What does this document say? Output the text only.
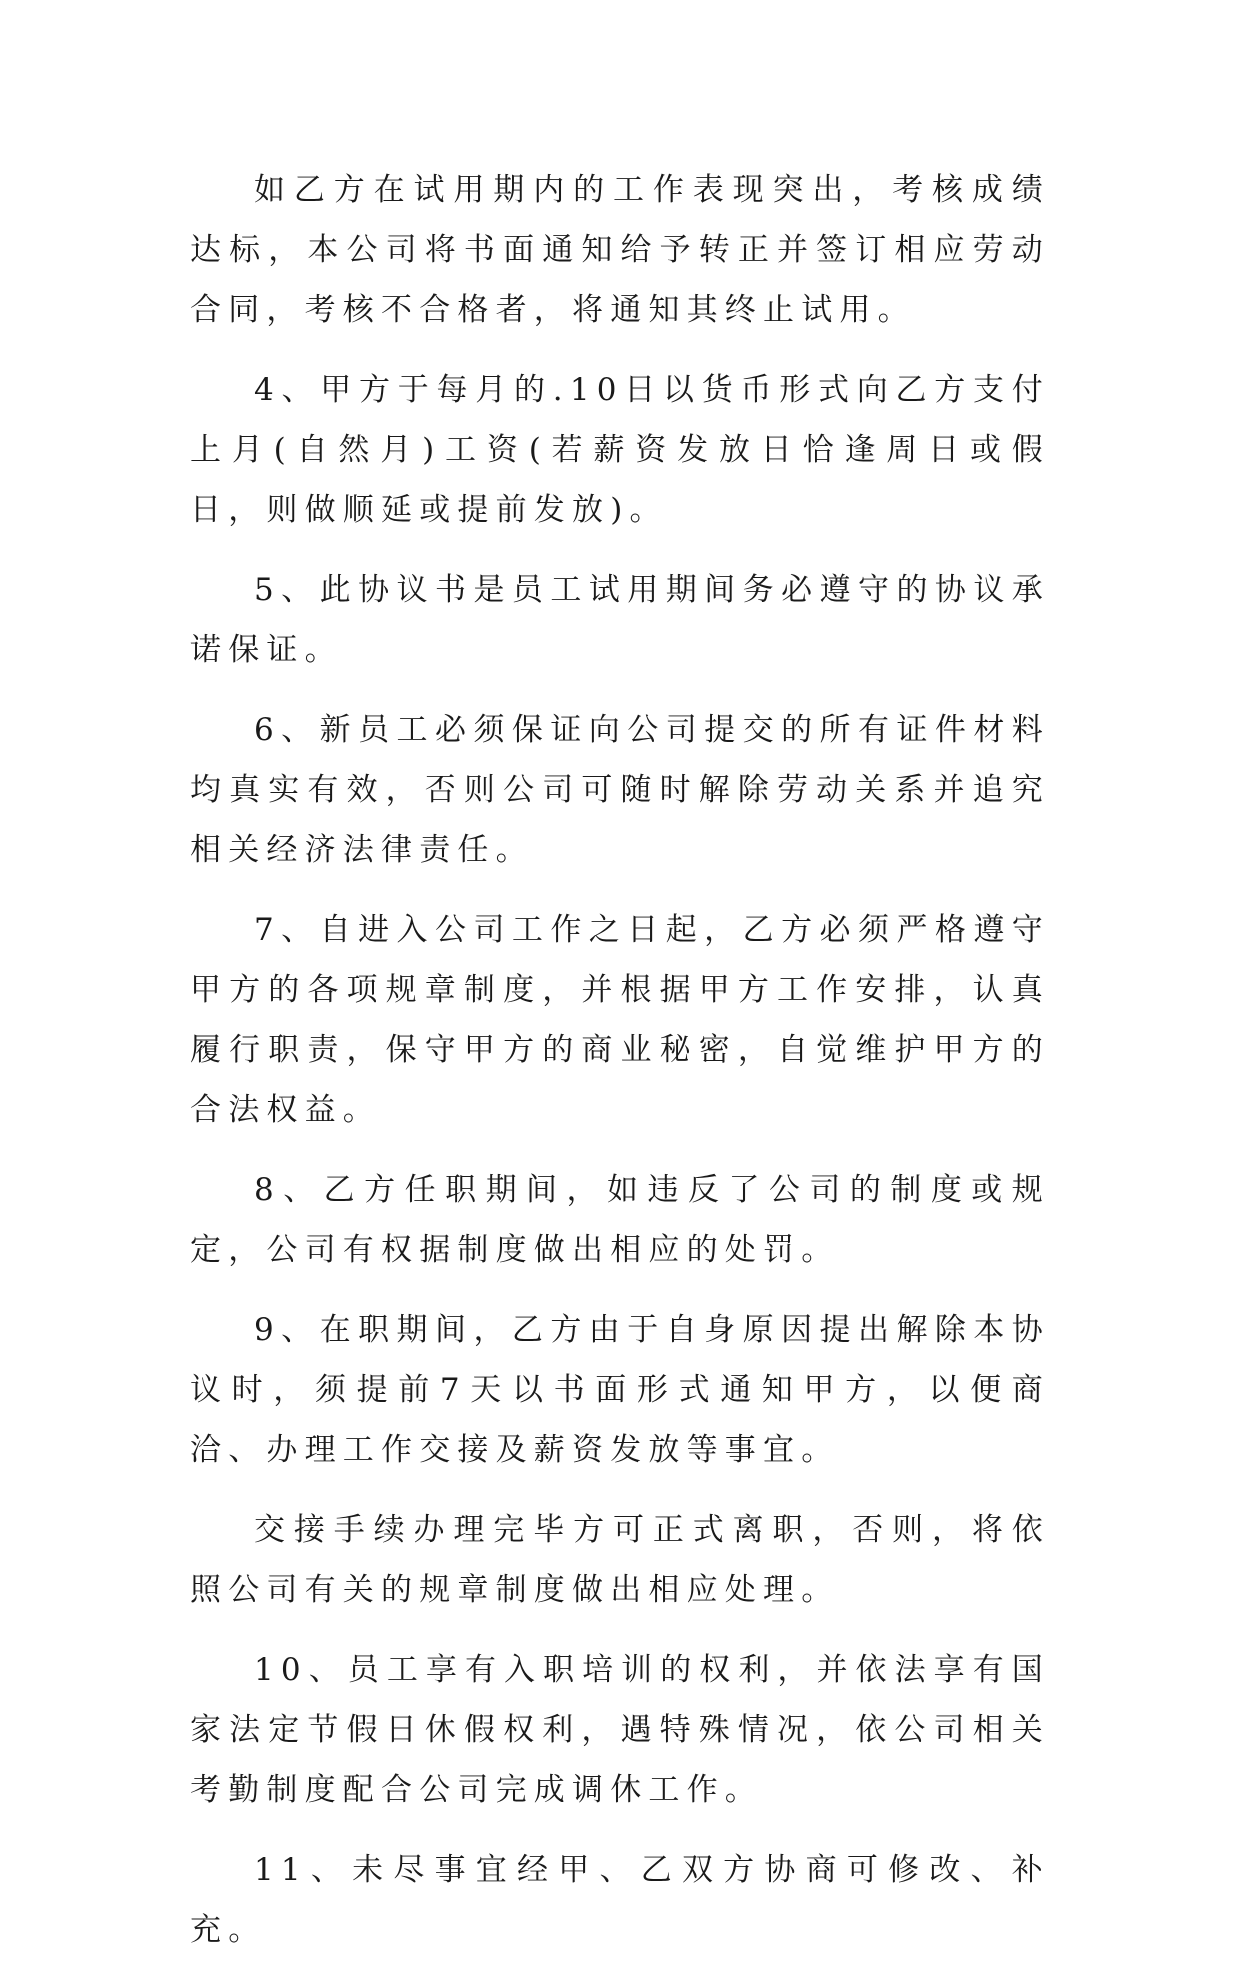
如乙方在试用期内的工作表现突出，考核成绩达标，本公司将书面通知给予转正并签订相应劳动合同，考核不合格者，将通知其终止试用。

4、甲方于每月的.10日以货币形式向乙方支付上月(自然月)工资(若薪资发放日恰逢周日或假日，则做顺延或提前发放)。

5、此协议书是员工试用期间务必遵守的协议承诺保证。

6、新员工必须保证向公司提交的所有证件材料均真实有效，否则公司可随时解除劳动关系并追究相关经济法律责任。

7、自进入公司工作之日起，乙方必须严格遵守甲方的各项规章制度，并根据甲方工作安排，认真履行职责，保守甲方的商业秘密，自觉维护甲方的合法权益。

8、乙方任职期间，如违反了公司的制度或规定，公司有权据制度做出相应的处罚。

9、在职期间，乙方由于自身原因提出解除本协议时，须提前7天以书面形式通知甲方，以便商洽、办理工作交接及薪资发放等事宜。

交接手续办理完毕方可正式离职，否则，将依照公司有关的规章制度做出相应处理。

10、员工享有入职培训的权利，并依法享有国家法定节假日休假权利，遇特殊情况，依公司相关考勤制度配合公司完成调休工作。

11、未尽事宜经甲、乙双方协商可修改、补充。
